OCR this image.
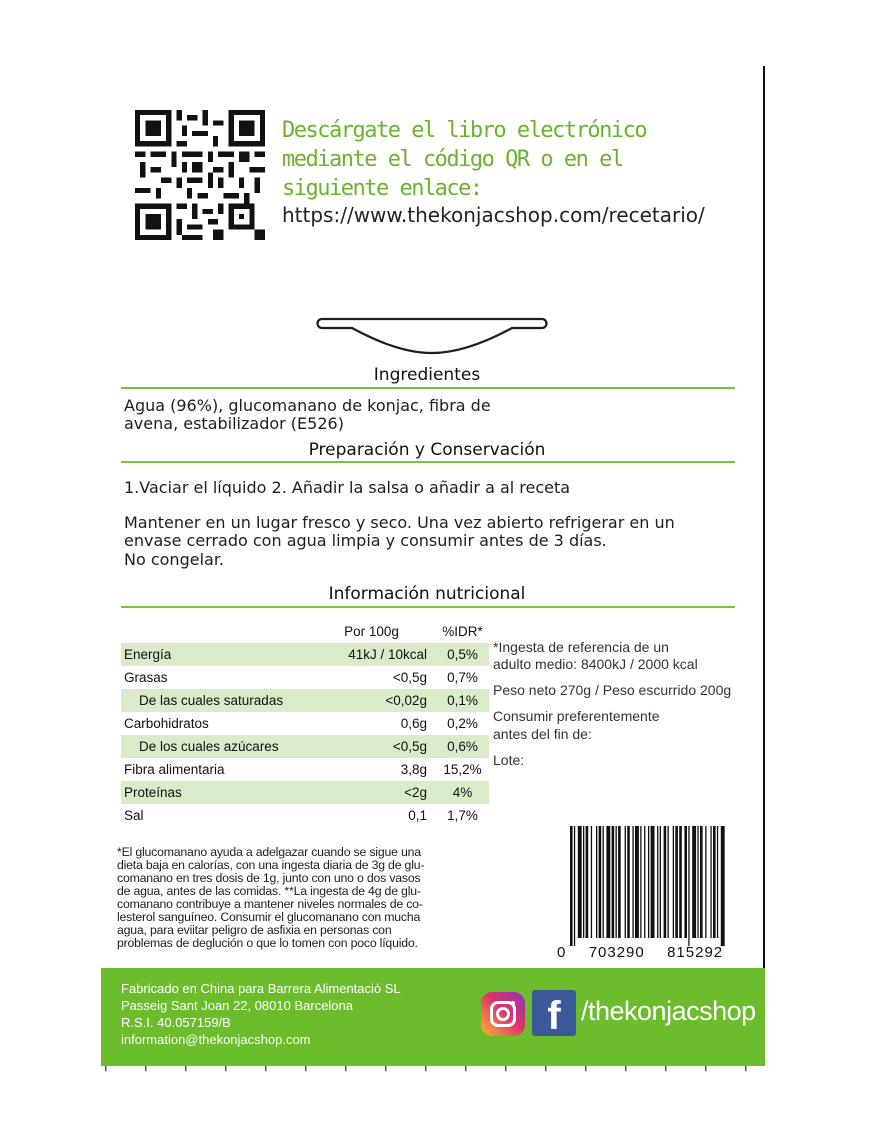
Descárgate el libro electrónico mediante el código QR o en el siguiente enlace:
https://www.thekonjacshop.com/recetario/
Ingredientes
Agua (96%), glucomanano de konjac, fibra de avena, estabilizador (E526)
Preparación y Conservación
1.Vaciar el líquido 2. Añadir la salsa o añadir a al receta
Mantener en un lugar fresco y seco. Una vez abierto refrigerar en un
envase cerrado con agua limpia y consumir antes de 3 días.
No congelar.
Información nutricional
	Por 100g	%IDR*
Energía	41kJ / 10kcal	0,5%
Grasas	<0,5g	0,7%
De las cuales saturadas	<0,02g	0,1%
Carbohidratos	0,6g	0,2%
De los cuales azúcares	<0,5g	0,6%
Fibra alimentaria	3,8g	15,2%
Proteínas	<2g	4%
Sal	0,1	1,7%
*Ingesta de referencia de un
adulto medio: 8400kJ / 2000 kcal
Peso neto 270g / Peso escurrido 200g
Consumir preferentemente
antes del fin de:
Lote:
*El glucomanano ayuda a adelgazar cuando se sigue una
dieta baja en calorías, con una ingesta diaria de 3g de glu-
comanano en tres dosis de 1g, junto con uno o dos vasos
de agua, antes de las comidas. **La ingesta de 4g de glu-
comanano contribuye a mantener niveles normales de co-
lesterol sanguíneo. Consumir el glucomanano con mucha
agua, para eviitar peligro de asfixia en personas con
problemas de deglución o que lo tomen con poco líquido.
0 703290 815292
Fabricado en China para Barrera Alimentació SL
Passeig Sant Joan 22, 08010 Barcelona
R.S.I. 40.057159/B
information@thekonjacshop.com
f /thekonjacshop
